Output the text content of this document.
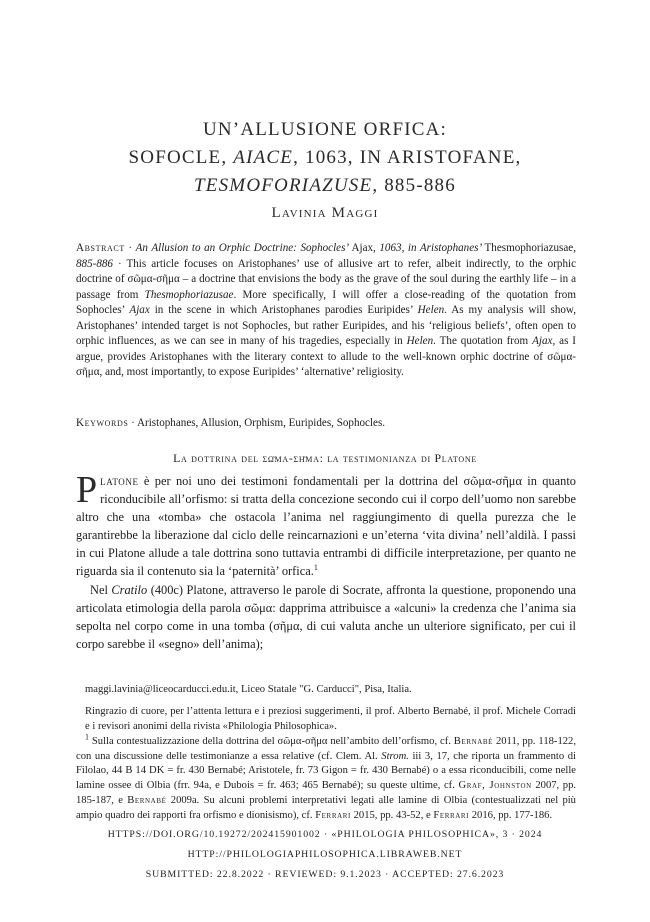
UN’ALLUSIONE ORFICA:
SOFOCLE, AIACE, 1063, IN ARISTOFANE,
TESMOFORIAZUSE, 885-886
Lavinia Maggi

Abstract · An Allusion to an Orphic Doctrine: Sophocles’ Ajax, 1063, in Aristophanes’ Thesmophoriazusae, 885-886 · This article focuses on Aristophanes’ use of allusive art to refer, albeit indirectly, to the orphic doctrine of σῶμα-σῆμα – a doctrine that envisions the body as the grave of the soul during the earthly life – in a passage from Thesmophoriazusae. More specifically, I will offer a close-reading of the quotation from Sophocles’ Ajax in the scene in which Aristophanes parodies Euripides’ Helen. As my analysis will show, Aristophanes’ intended target is not Sophocles, but rather Euripides, and his ‘religious beliefs’, often open to orphic influences, as we can see in many of his tragedies, especially in Helen. The quotation from Ajax, as I argue, provides Aristophanes with the literary context to allude to the well-known orphic doctrine of σῶμα-σῆμα, and, most importantly, to expose Euripides’ ‘alternative’ religiosity.

Keywords · Aristophanes, Allusion, Orphism, Euripides, Sophocles.

La dottrina del σῶμα-σῆμα: la testimonianza di Platone

Platone è per noi uno dei testimoni fondamentali per la dottrina del σῶμα-σῆμα in quanto riconducibile all’orfismo: si tratta della concezione secondo cui il corpo dell’uomo non sarebbe altro che una «tomba» che ostacola l’anima nel raggiungimento di quella purezza che le garantirebbe la liberazione dal ciclo delle reincarnazioni e un’eterna ‘vita divina’ nell’aldilà. I passi in cui Platone allude a tale dottrina sono tuttavia entrambi di difficile interpretazione, per quanto ne riguarda sia il contenuto sia la ‘paternità’ orfica.$^1$

Nel Cratilo (400c) Platone, attraverso le parole di Socrate, affronta la questione, proponendo una articolata etimologia della parola σῶμα: dapprima attribuisce a «alcuni» la credenza che l’anima sia sepolta nel corpo come in una tomba (σῆμα, di cui valuta anche un ulteriore significato, per cui il corpo sarebbe il «segno» dell’anima);

maggi.lavinia@liceocarducci.edu.it, Liceo Statale "G. Carducci", Pisa, Italia.

Ringrazio di cuore, per l’attenta lettura e i preziosi suggerimenti, il prof. Alberto Bernabé, il prof. Michele Corradi e i revisori anonimi della rivista «Philologia Philosophica».

$^1$ Sulla contestualizzazione della dottrina del σῶμα-σῆμα nell’ambito dell’orfismo, cf. Bernabé 2011, pp. 118-122, con una discussione delle testimonianze a essa relative (cf. Clem. Al. Strom. iii 3, 17, che riporta un frammento di Filolao, 44 B 14 DK = fr. 430 Bernabé; Aristotele, fr. 73 Gigon = fr. 430 Bernabé) o a essa riconducibili, come nelle lamine ossee di Olbia (frr. 94a, e Dubois = fr. 463; 465 Bernabé); su queste ultime, cf. Graf, Johnston 2007, pp. 185-187, e Bernabé 2009a. Su alcuni problemi interpretativi legati alle lamine di Olbia (contestualizzati nel più ampio quadro dei rapporti fra orfismo e dionisismo), cf. Ferrari 2015, pp. 43-52, e Ferrari 2016, pp. 177-186.

HTTPS://DOI.ORG/10.19272/202415901002 · «PHILOLOGIA PHILOSOPHICA», 3 · 2024
HTTP://PHILOLOGIAPHILOSOPHICA.LIBRAWEB.NET
SUBMITTED: 22.8.2022 · REVIEWED: 9.1.2023 · ACCEPTED: 27.6.2023
